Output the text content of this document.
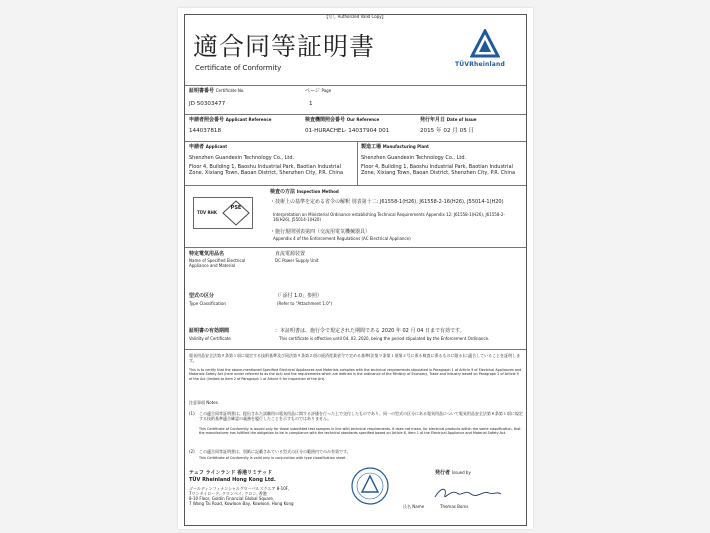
【写し Authorized Valid Copy】
適合同等証明書
Certificate of Conformity	TÜVRheinland
証明書番号 Certificate No.
JD 50303477
ページ Page
1
申請者照会番号 Applicant Reference
144037818
検査機関照会番号 Our Reference
01-HURACHEL- 14037904 001
発行年月日 Date of Issue
2015 年 02 月 05 日
申請者 Applicant
Shenzhen Guandexin Technology Co., Ltd.
Floor 4, Building 1, Baoshu Industrial Park, Baotian Industrial Zone, Xixiang Town, Baoan District, Shenzhen City, P.R. China
製造工場 Manufacturing Plant
Shenzhen Guandexin Technology Co., Ltd.
Floor 4, Building 1, Baoshu Industrial Park, Baotian Industrial Zone, Xixiang Town, Baoan District, Shenzhen City, P.R. China
TÜV RHK
PSE
検査の方法 Inspection Method
・技術上の基準を定める省令の解釈 別表第十二: J61558-1(H26), J61558-2-16(H26), J55014-1(H20)
Interpretation on Ministerial Ordinance establishing Technical Requirements Appendix 12: J61558-1(H26), J61558-2-16(H26), J55014-1(H20)
・施行規則別表第四（交流用電気機械器具）
Appendix 4 of the Enforcement Regulations (AC Electrical Appliance)
特定電気用品名
Name of Specified Electrical
Appliance and Material
直流電源装置
DC Power Supply Unit
型式の区分
Type Classification
（「添付 1.0」参照）
(Refer to "Attachment 1.0")
証明書の有効期間
Validity of Certificate
：本証明書は、施行令で規定された期間である 2020 年 02 月 04 日まで有効です。
This certificate is effective until 04. 02. 2020, being the period stipulated by the Enforcement Ordinance.
電気用品安全法第９条第１項に規定する技術基準及び同法第９条第２項の経済産業省令で定める基準(法第９条第１項第２号に係る検査に係るものに限る)に適合していることを証明します。
This is to certify that the above-mentioned Specified Electrical Appliances and Materials complies with the technical requirements stipulated in Paragraph 1 of Article 9 of Electrical Appliances and Materials Safety Act (here under referred to as the Act) and the requirements which are defined in the ordinance of the Ministry of Economy, Trade and Industry based on Paragraph 2 of Article 9 of the Act (limited to item 2 of Paragraph 1 of Article 9 for inspection of the Art).
注意事項 Notes
(1) この適合同等証明書は、提出された試験用の電気用品に関する評価を行った上で交付したものであり、同一の型式の区分にある電気用品について電気用品安全法第８条第１項に規定する技術基準適合確認の義務を履行したことを示すものではありません。
This Certificate of Conformity is issued only for those submitted test samples in line with technical requirements. It does not mean, for electrical products within the same classification, that the manufacturer has fulfilled the obligation to be in compliance with the technical standards specified based on Article 8, item 1 of the Electrical Appliance and Material Safety Act.
(2) この適合同等証明書は、別紙に記載されている型式の区分の範囲内でのみ有効です。
This Certificate of Conformity is valid only in conjunction with type classification sheet .
テュフ ラインランド 香港リミテッド
TÜV Rheinland Hong Kong Ltd.
ゴールディンフィナンシャルグローバルスクエア 8-10F,
7ワンタイロード, クワンベイ, クロン, 香港
8-10 Floor, Goldin Financial Global Square,
7 Wang Tai Road, Kowloon Bay, Kowloon, Hong Kong
発行者 Issued by
氏名 Name	Thomas Borns
